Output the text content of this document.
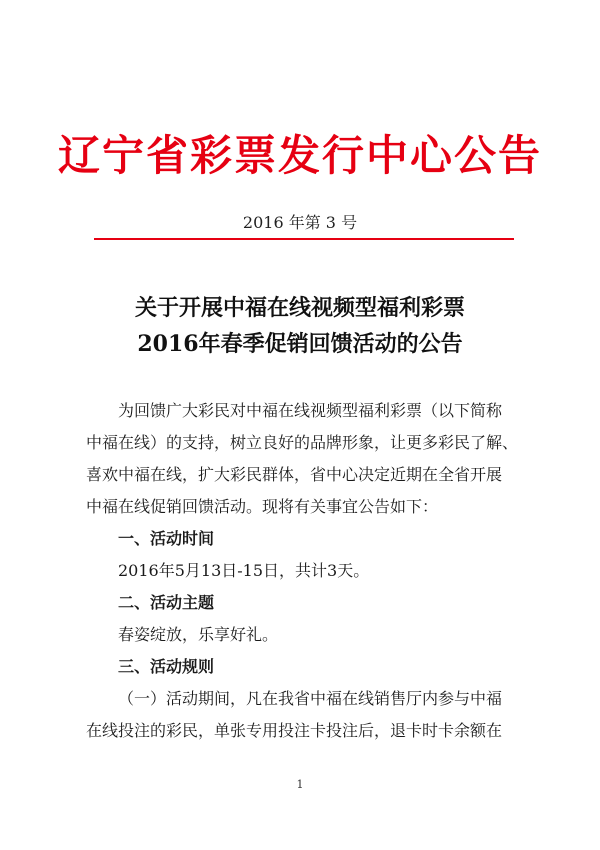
辽宁省彩票发行中心公告
2016 年第 3 号
关于开展中福在线视频型福利彩票
2016年春季促销回馈活动的公告

为回馈广大彩民对中福在线视频型福利彩票（以下简称

中福在线）的支持，树立良好的品牌形象，让更多彩民了解、

喜欢中福在线，扩大彩民群体，省中心决定近期在全省开展

中福在线促销回馈活动。现将有关事宜公告如下：

一、活动时间

2016年5月13日-15日，共计3天。

二、活动主题

春姿绽放，乐享好礼。

三、活动规则

（一）活动期间，凡在我省中福在线销售厅内参与中福

在线投注的彩民，单张专用投注卡投注后，退卡时卡余额在

1
